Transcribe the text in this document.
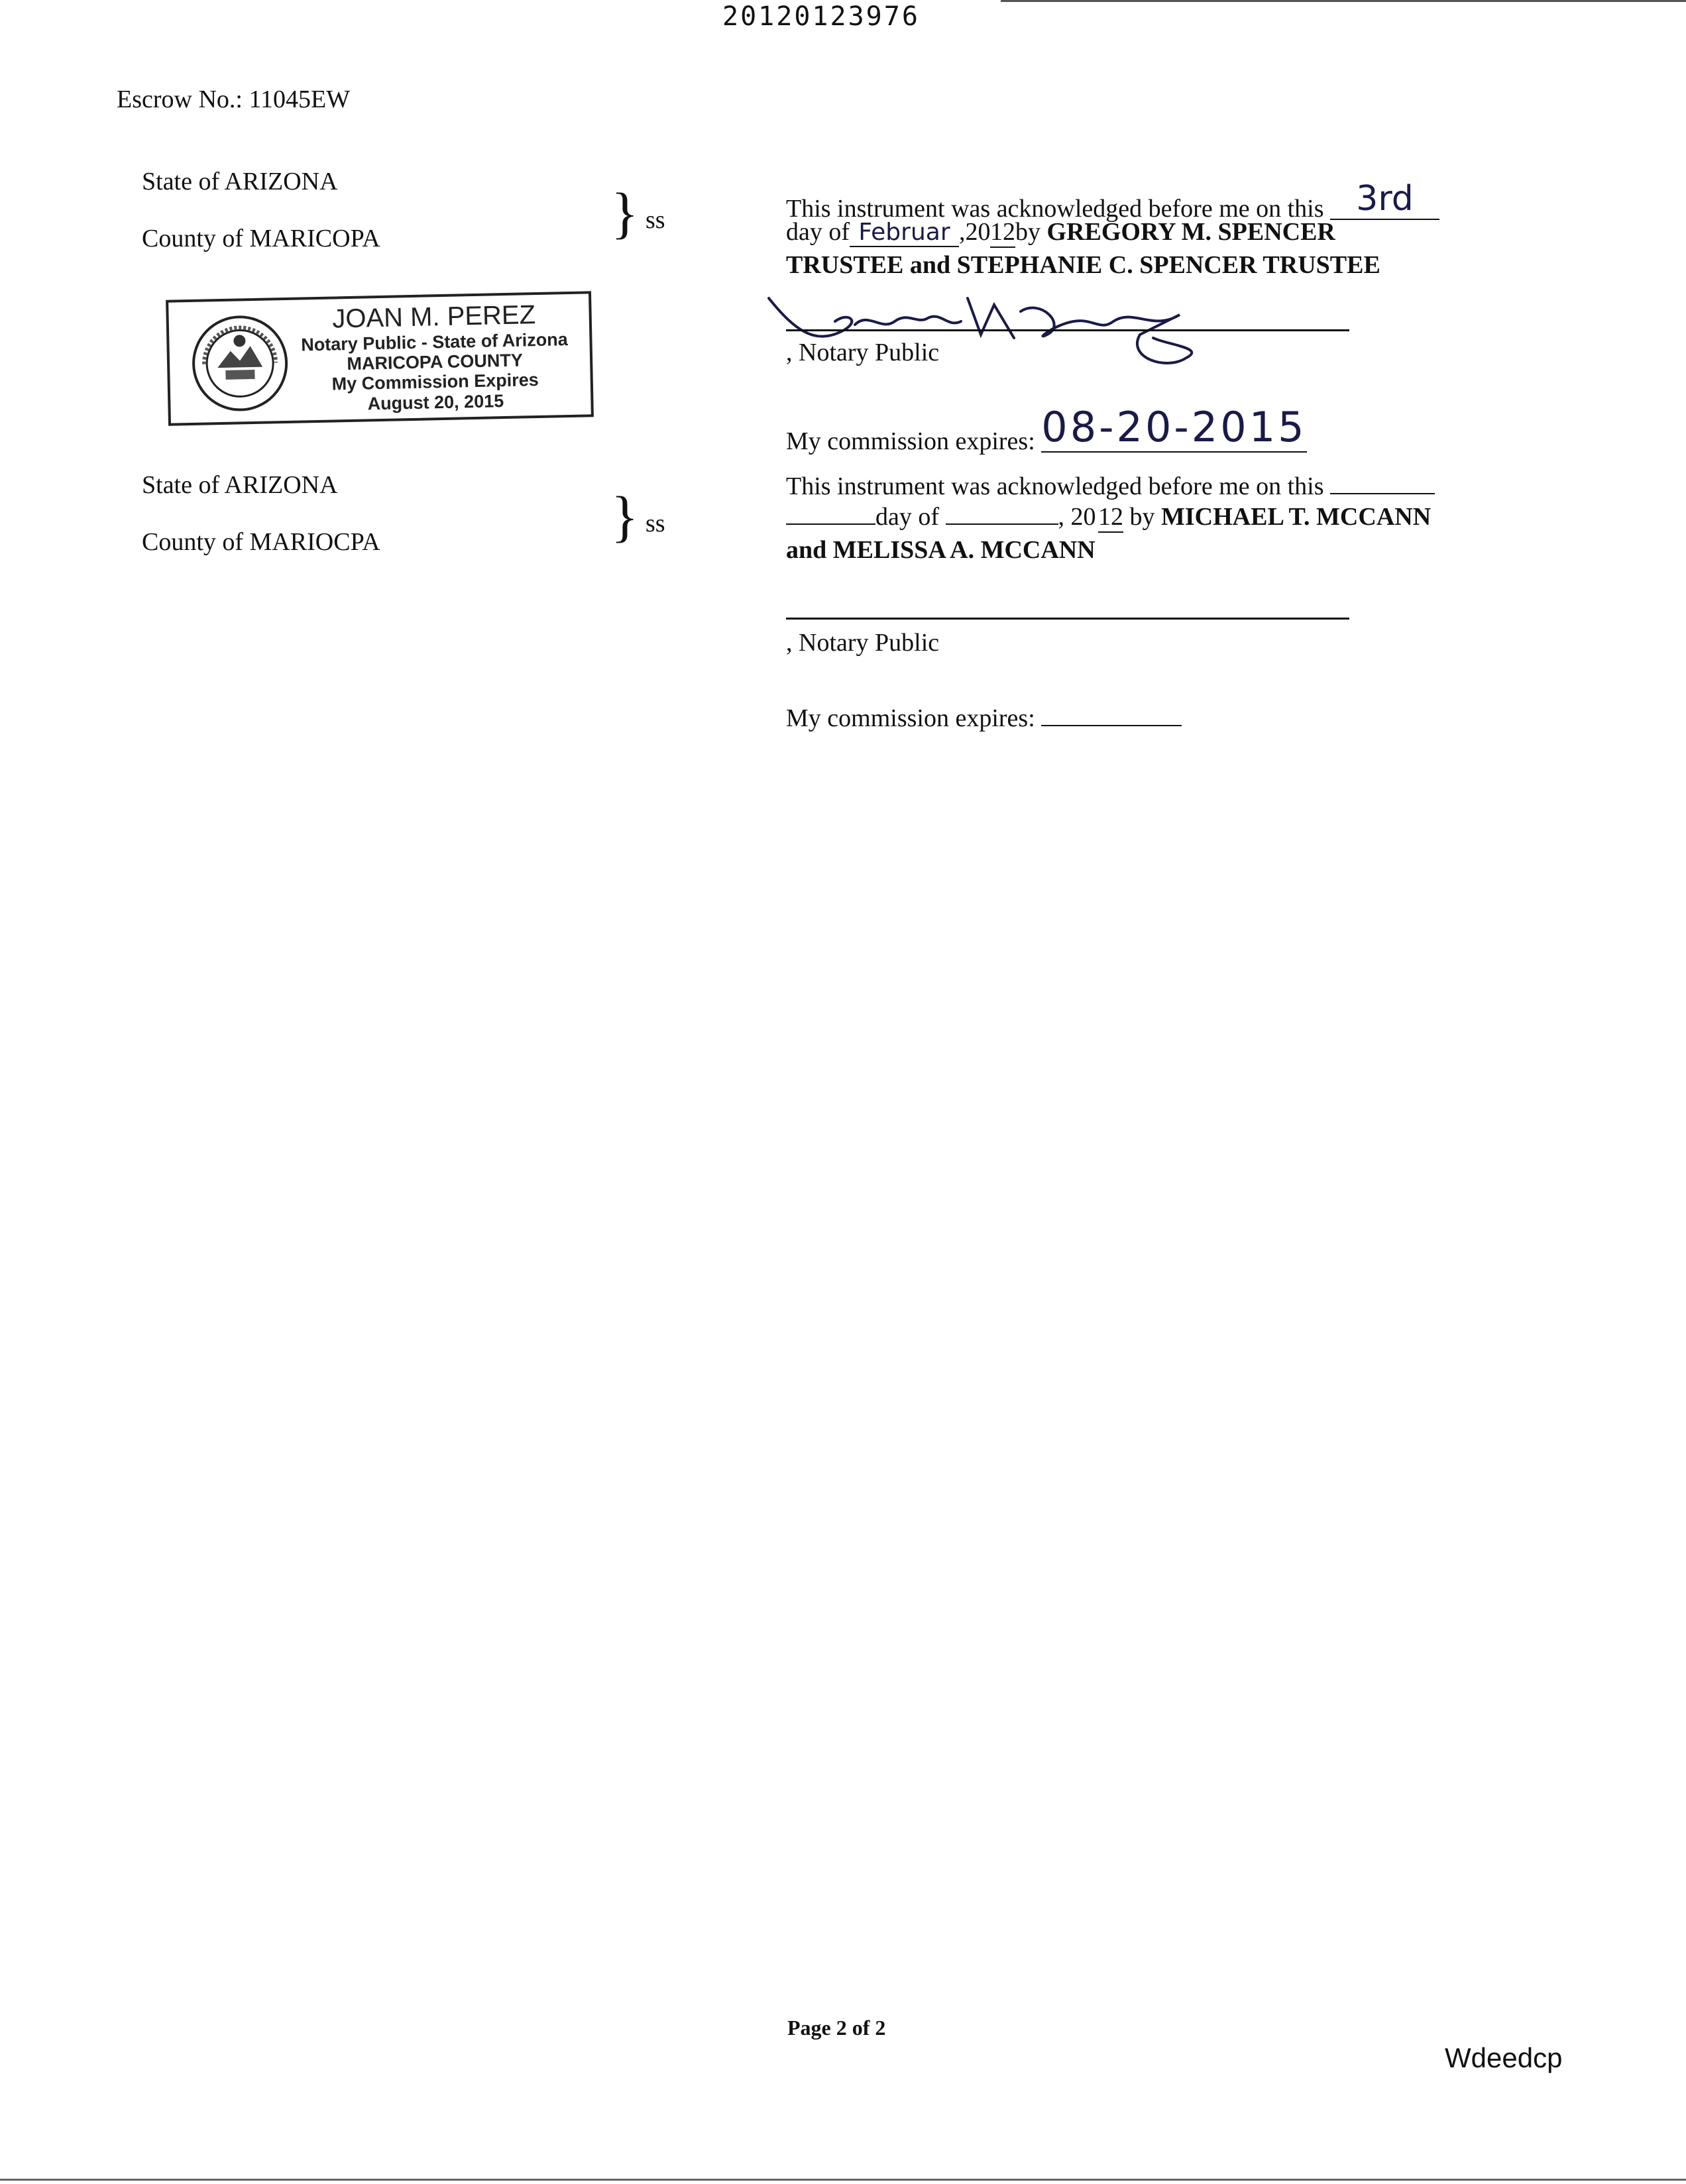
20120123976
Escrow No.: 11045EW
State of ARIZONA
County of MARICOPA	} ss	This instrument was acknowledged before me on this 3rd
day of Februar ,20 12by GREGORY M. SPENCER
TRUSTEE and STEPHANIE C. SPENCER TRUSTEE
, Notary Public
My commission expires: 08-20-2015
JOAN M. PEREZ
Notary Public - State of Arizona
MARICOPA COUNTY
My Commission Expires
August 20, 2015
State of ARIZONA
County of MARIOCPA	} ss
This instrument was acknowledged before me on this
day of	, 20 12 by MICHAEL T. MCCANN
and MELISSA A. MCCANN
, Notary Public
My commission expires:
Page 2 of 2
Wdeedcp
